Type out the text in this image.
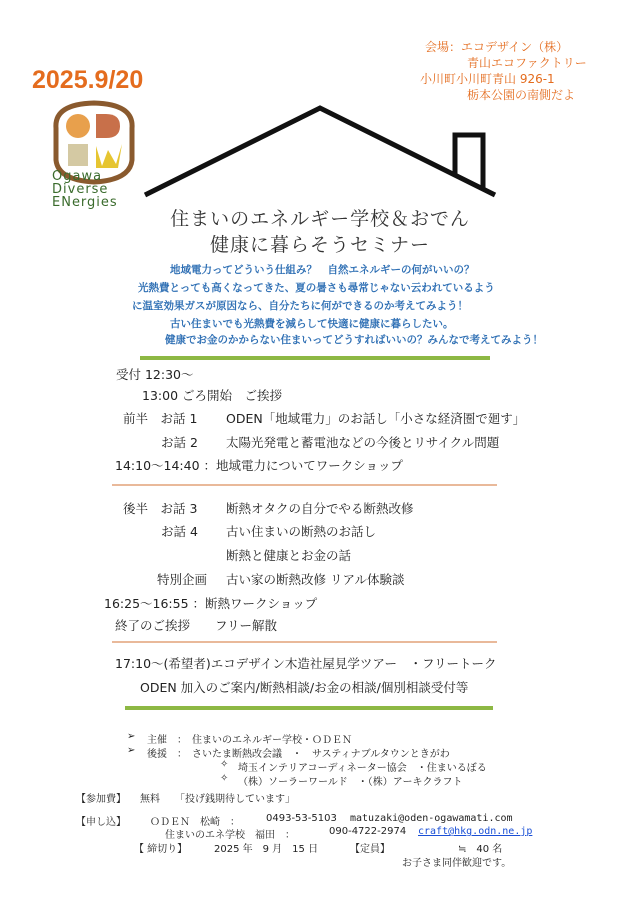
2025.9/20
会場：エコデザイン（株）
青山エコファクトリー
小川町小川町青山 926-1
栃本公園の南側だよ
Ogawa
Diverse
ENergies
住まいのエネルギー学校＆おでん
健康に暮らそうセミナー
地域電力ってどういう仕組み？　自然エネルギーの何がいいの？
光熱費とっても高くなってきた、夏の暑さも尋常じゃない云われているよう
に温室効果ガスが原因なら、自分たちに何ができるのか考えてみよう！
古い住まいでも光熱費を減らして快適に健康に暮らしたい。
健康でお金のかからない住まいってどうすればいいの？みんなで考えてみよう！
受付 12:30～
13:00 ごろ開始　ご挨拶
前半　お話 1 ODEN「地域電力」のお話し「小さな経済圏で廻す」
お話 2 太陽光発電と蓄電池などの今後とリサイクル問題
14:10～14:40 ：地域電力についてワークショップ
後半　お話 3 断熱オタクの自分でやる断熱改修
お話 4 古い住まいの断熱のお話し
断熱と健康とお金の話
特別企画 古い家の断熱改修 リアル体験談
16:25～16:55 ：断熱ワークショップ
終了のご挨拶　　フリー解散
17:10～(希望者)エコデザイン木造社屋見学ツアー　・フリートーク
ODEN 加入のご案内/断熱相談/お金の相談/個別相談受付等
➢ 主催　：　住まいのエネルギー学校・ＯＤＥＮ
➢ 後援　：　さいたま断熱改会議　・　サスティナブルタウンときがわ
✧ 埼玉インテリアコーディネーター協会　・住まいるぼる
✧ （株）ソーラーワールド　・（株）アーキクラフト
【参加費】 無料　　「投げ銭期待しています」
【申し込】 ＯＤＥＮ　松崎　：	0493-53-5103 matuzaki@oden-ogawamati.com
住まいのエネ学校　福田　：	090-4722-2974 craft@hkg.odn.ne.jp
【 締切り】	2025 年　9 月　15 日	【定員】	≒　40 名
お子さま同伴歓迎です。
